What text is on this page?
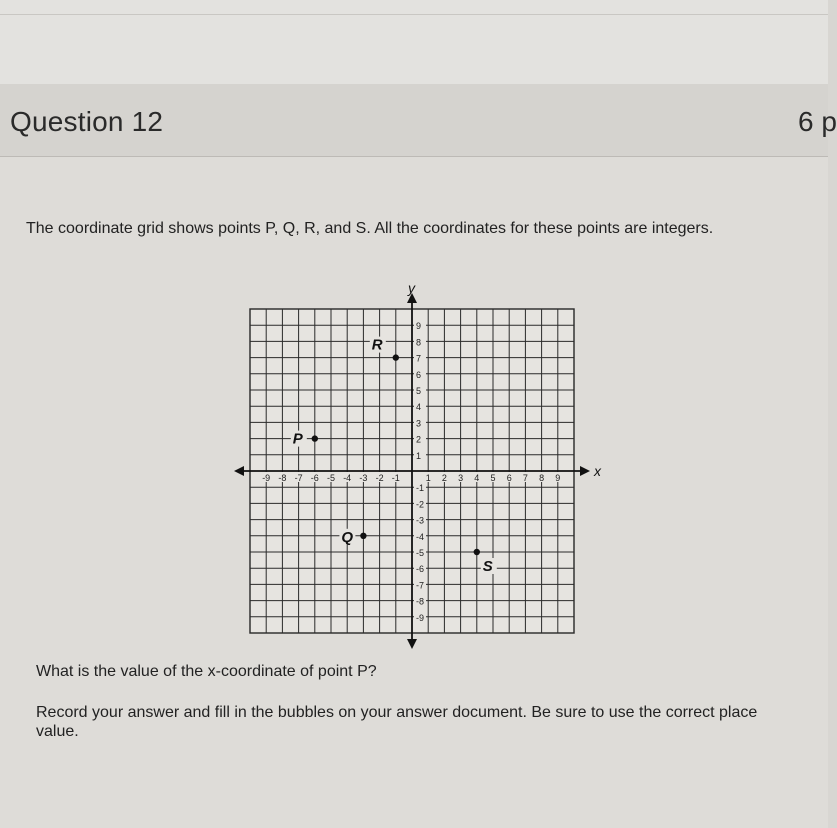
Question 12	6 p
The coordinate grid shows points P, Q, R, and S. All the coordinates for these points are integers.
x
y
-9 -8 -7 -6 -5 -4 -3 -2 -1	1 2 3 4 5 6 7 8 9
9
8
7
6
5
4
3
2
1
-1
-2
-3
-4
-5
-6
-7
-8
-9
P
Q
R
S
What is the value of the x-coordinate of point P?
Record your answer and fill in the bubbles on your answer document. Be sure to use the correct place value.
